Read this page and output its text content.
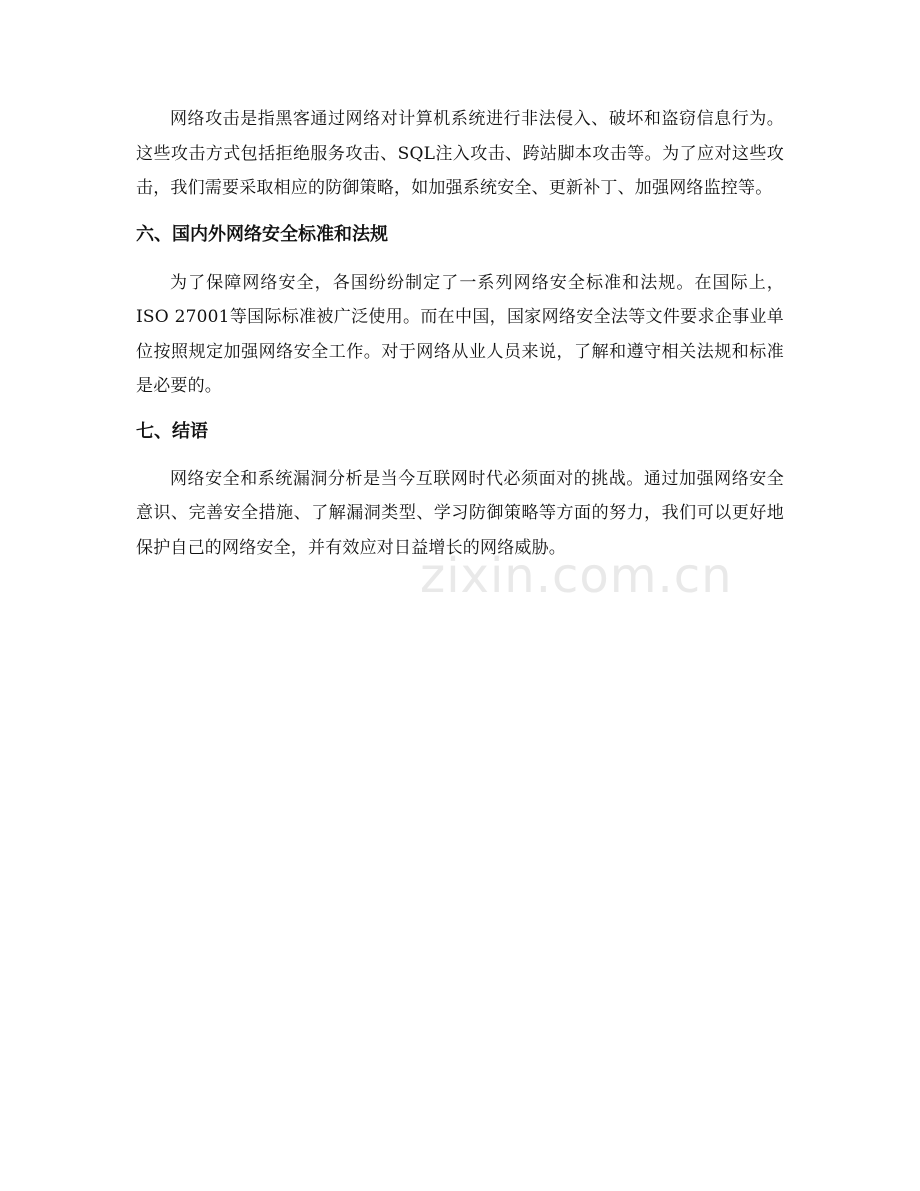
zixin.com.cn

网络攻击是指黑客通过网络对计算机系统进行非法侵入、破坏和盗窃信息行为。这些攻击方式包括拒绝服务攻击、SQL注入攻击、跨站脚本攻击等。为了应对这些攻击，我们需要采取相应的防御策略，如加强系统安全、更新补丁、加强网络监控等。

六、国内外网络安全标准和法规

为了保障网络安全，各国纷纷制定了一系列网络安全标准和法规。在国际上，ISO 27001等国际标准被广泛使用。而在中国，国家网络安全法等文件要求企事业单位按照规定加强网络安全工作。对于网络从业人员来说，了解和遵守相关法规和标准是必要的。

七、结语

网络安全和系统漏洞分析是当今互联网时代必须面对的挑战。通过加强网络安全意识、完善安全措施、了解漏洞类型、学习防御策略等方面的努力，我们可以更好地保护自己的网络安全，并有效应对日益增长的网络威胁。
